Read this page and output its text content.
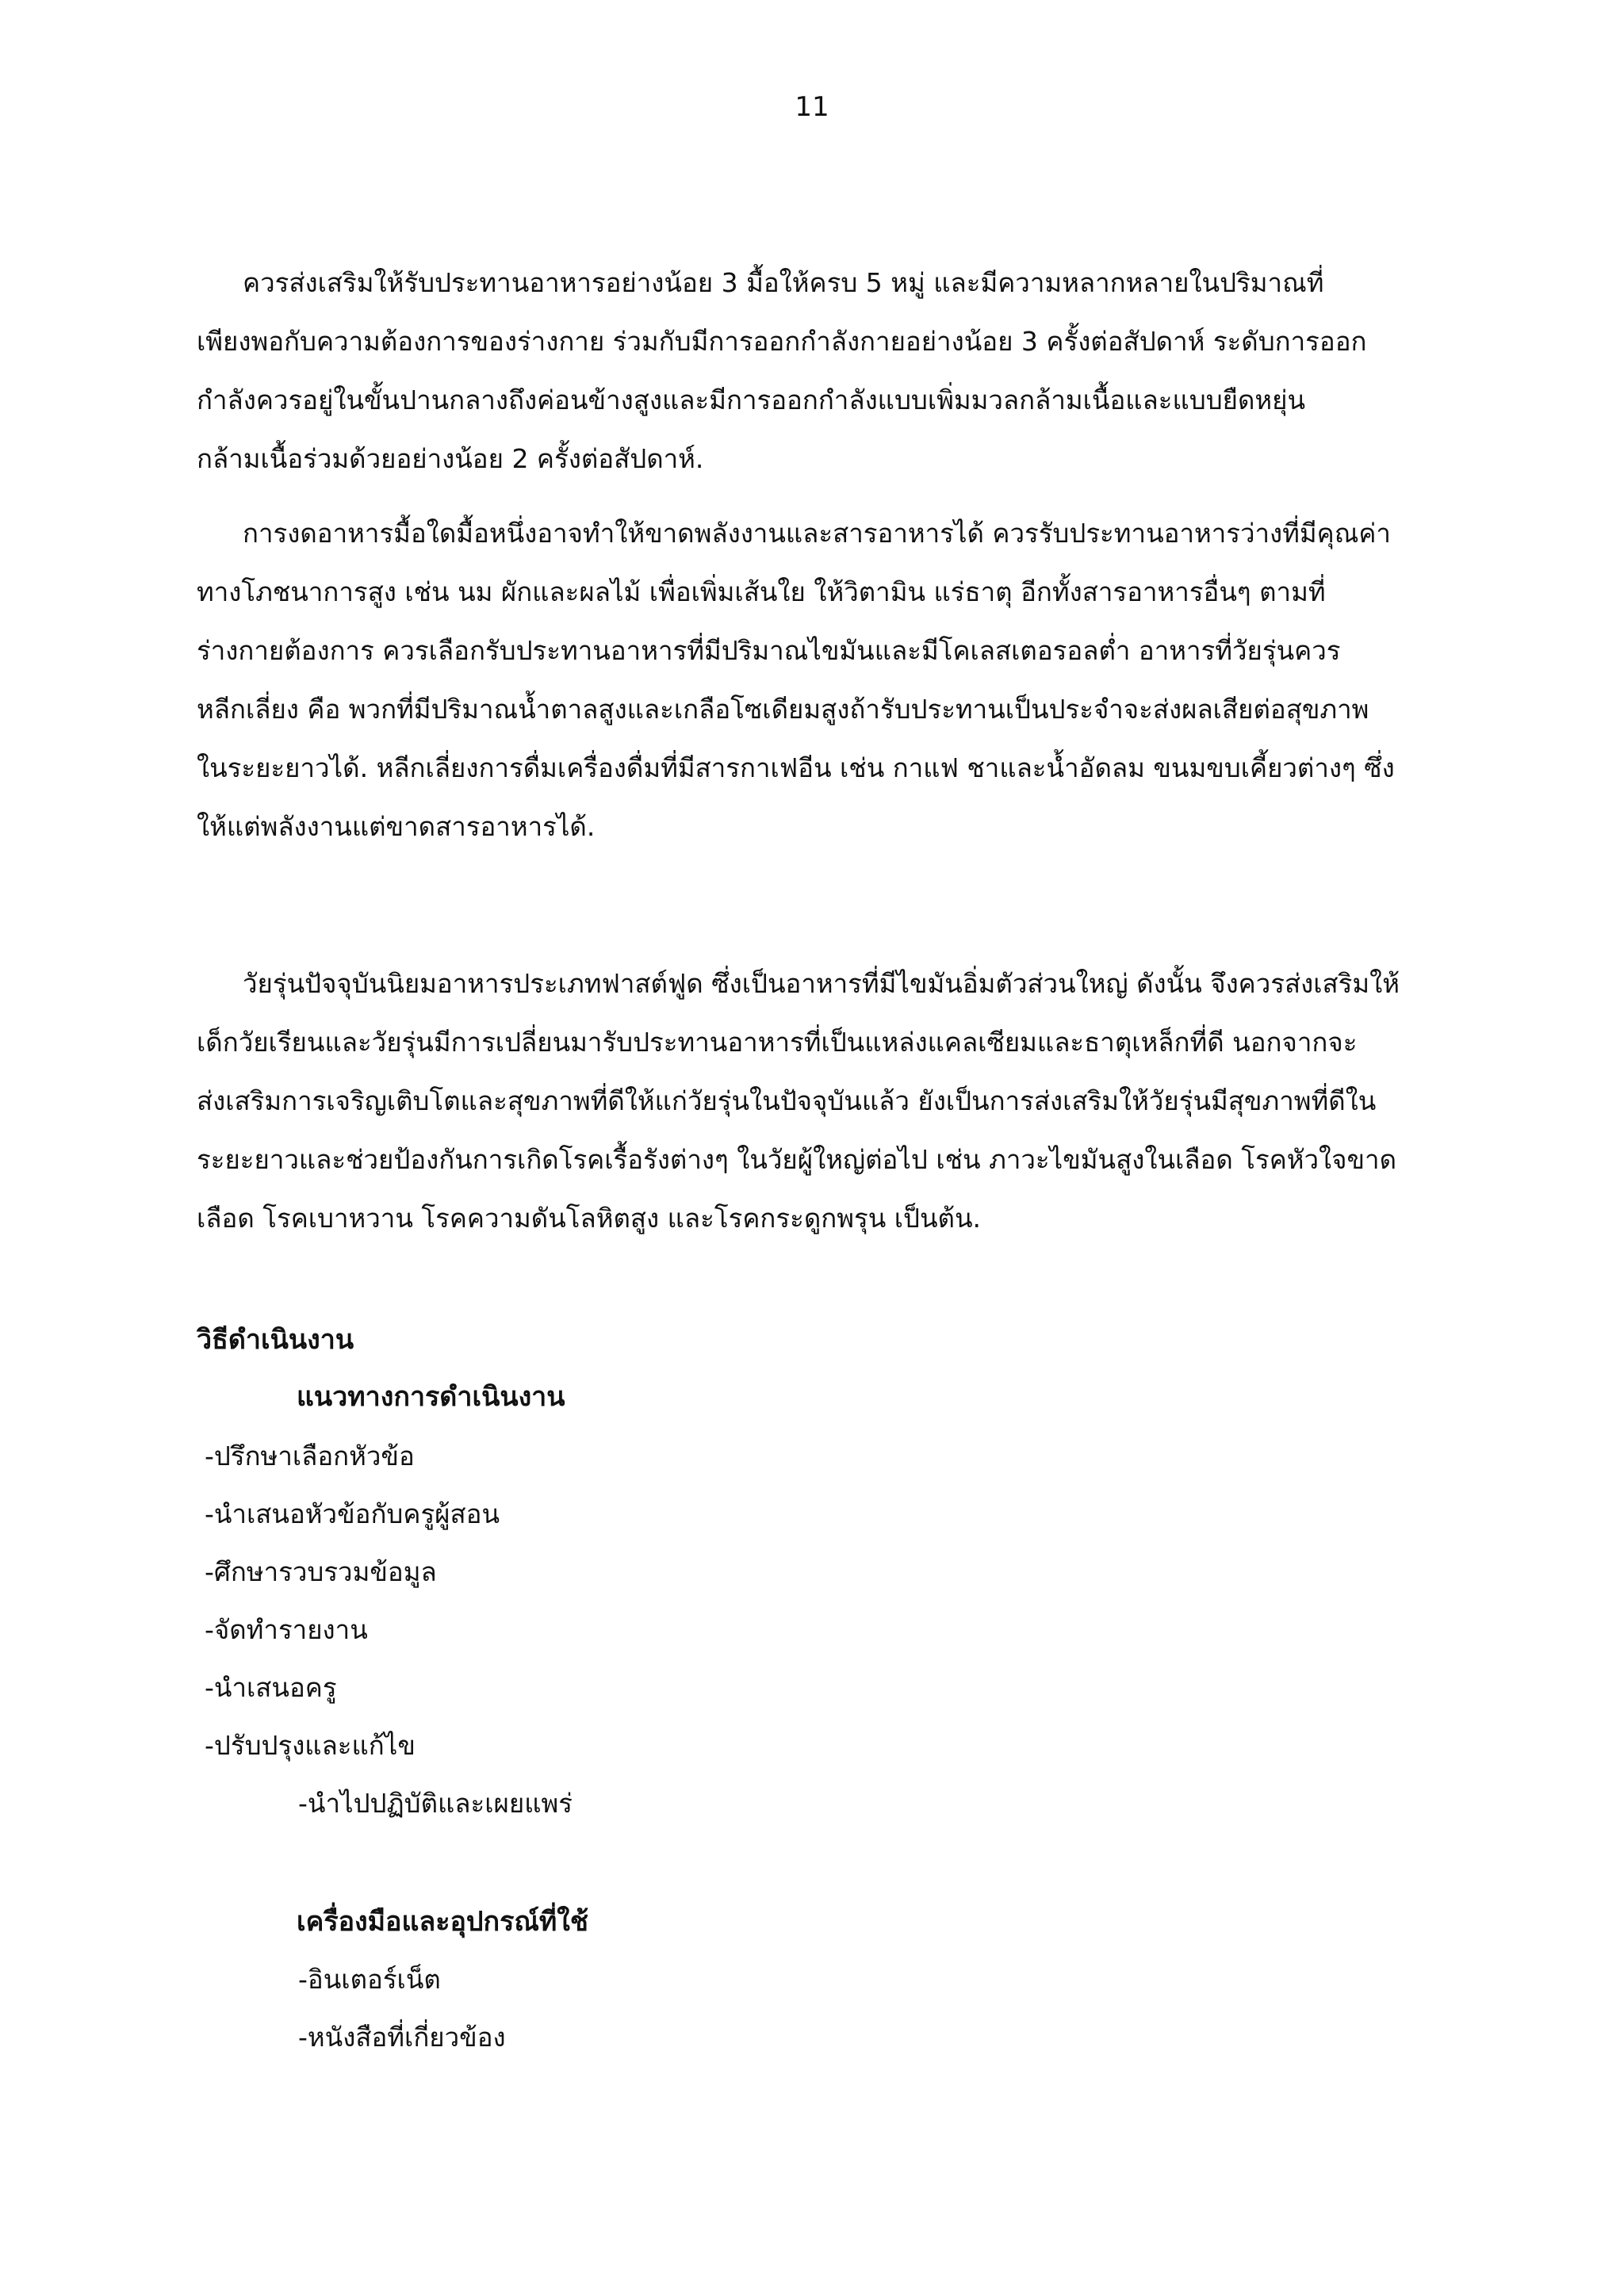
11
ควรส่งเสริมให้รับประทานอาหารอย่างน้อย 3 มื้อให้ครบ 5 หมู่ และมีความหลากหลายในปริมาณที่
เพียงพอกับความต้องการของร่างกาย ร่วมกับมีการออกกำลังกายอย่างน้อย 3 ครั้งต่อสัปดาห์ ระดับการออก
กำลังควรอยู่ในขั้นปานกลางถึงค่อนข้างสูงและมีการออกกำลังแบบเพิ่มมวลกล้ามเนื้อและแบบยืดหยุ่น
กล้ามเนื้อร่วมด้วยอย่างน้อย 2 ครั้งต่อสัปดาห์.
การงดอาหารมื้อใดมื้อหนึ่งอาจทำให้ขาดพลังงานและสารอาหารได้ ควรรับประทานอาหารว่างที่มีคุณค่า
ทางโภชนาการสูง เช่น นม ผักและผลไม้ เพื่อเพิ่มเส้นใย ให้วิตามิน แร่ธาตุ อีกทั้งสารอาหารอื่นๆ ตามที่
ร่างกายต้องการ ควรเลือกรับประทานอาหารที่มีปริมาณไขมันและมีโคเลสเตอรอลต่ำ อาหารที่วัยรุ่นควร
หลีกเลี่ยง คือ พวกที่มีปริมาณน้ำตาลสูงและเกลือโซเดียมสูงถ้ารับประทานเป็นประจำจะส่งผลเสียต่อสุขภาพ
ในระยะยาวได้. หลีกเลี่ยงการดื่มเครื่องดื่มที่มีสารกาเฟอีน เช่น กาแฟ ชาและน้ำอัดลม ขนมขบเคี้ยวต่างๆ ซึ่ง
ให้แต่พลังงานแต่ขาดสารอาหารได้.
วัยรุ่นปัจจุบันนิยมอาหารประเภทฟาสต์ฟูด ซึ่งเป็นอาหารที่มีไขมันอิ่มตัวส่วนใหญ่ ดังนั้น จึงควรส่งเสริมให้
เด็กวัยเรียนและวัยรุ่นมีการเปลี่ยนมารับประทานอาหารที่เป็นแหล่งแคลเซียมและธาตุเหล็กที่ดี นอกจากจะ
ส่งเสริมการเจริญเติบโตและสุขภาพที่ดีให้แก่วัยรุ่นในปัจจุบันแล้ว ยังเป็นการส่งเสริมให้วัยรุ่นมีสุขภาพที่ดีใน
ระยะยาวและช่วยป้องกันการเกิดโรคเรื้อรังต่างๆ ในวัยผู้ใหญ่ต่อไป เช่น ภาวะไขมันสูงในเลือด โรคหัวใจขาด
เลือด โรคเบาหวาน โรคความดันโลหิตสูง และโรคกระดูกพรุน เป็นต้น.
วิธีดำเนินงาน
แนวทางการดำเนินงาน
-ปรึกษาเลือกหัวข้อ
-นำเสนอหัวข้อกับครูผู้สอน
-ศึกษารวบรวมข้อมูล
-จัดทำรายงาน
-นำเสนอครู
-ปรับปรุงและแก้ไข
-นำไปปฏิบัติและเผยแพร่
เครื่องมือและอุปกรณ์ที่ใช้
-อินเตอร์เน็ต
-หนังสือที่เกี่ยวข้อง
